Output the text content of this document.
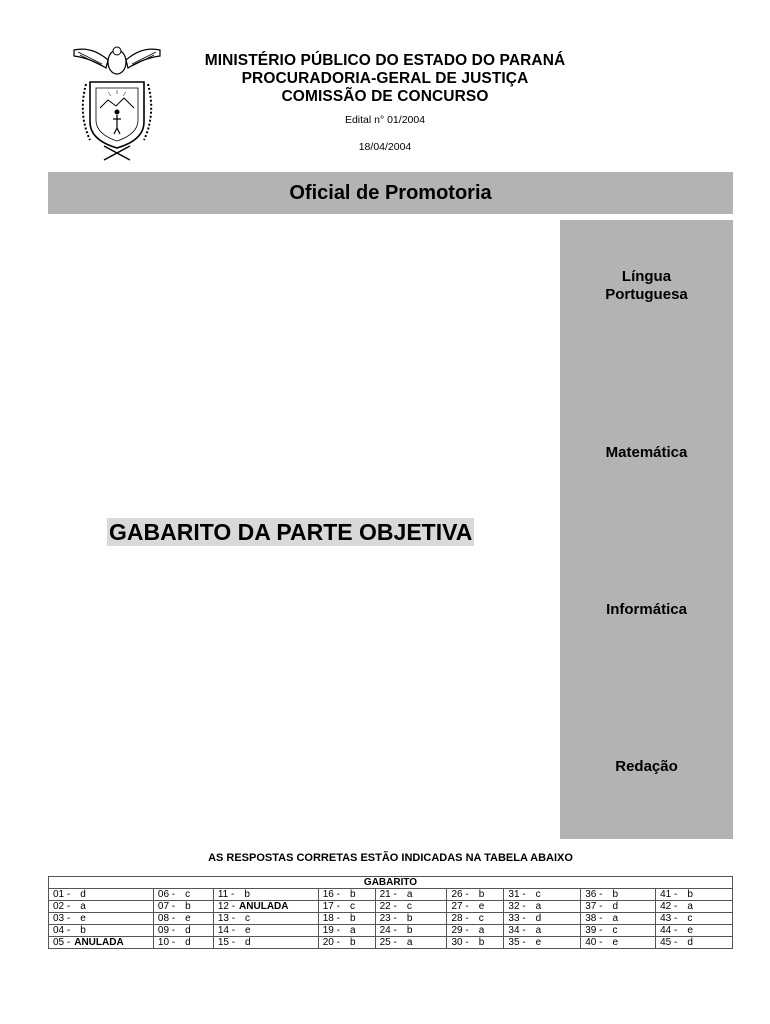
MINISTÉRIO PÚBLICO DO ESTADO DO PARANÁ
PROCURADORIA-GERAL DE JUSTIÇA
COMISSÃO DE CONCURSO
Edital n° 01/2004
18/04/2004
Oficial de Promotoria
Língua
Portuguesa
Matemática
Informática
Redação
GABARITO DA PARTE OBJETIVA
AS RESPOSTAS CORRETAS ESTÃO INDICADAS NA TABELA ABAIXO
GABARITO								
01 - d	06 - c	11 - b	16 - b	21 - a	26 - b	31 - c	36 - b	41 - b
02 - a	07 - b	12 - ANULADA	17 - c	22 - c	27 - e	32 - a	37 - d	42 - a
03 - e	08 - e	13 - c	18 - b	23 - b	28 - c	33 - d	38 - a	43 - c
04 - b	09 - d	14 - e	19 - a	24 - b	29 - a	34 - a	39 - c	44 - e
05 - ANULADA	10 - d	15 - d	20 - b	25 - a	30 - b	35 - e	40 - e	45 - d
